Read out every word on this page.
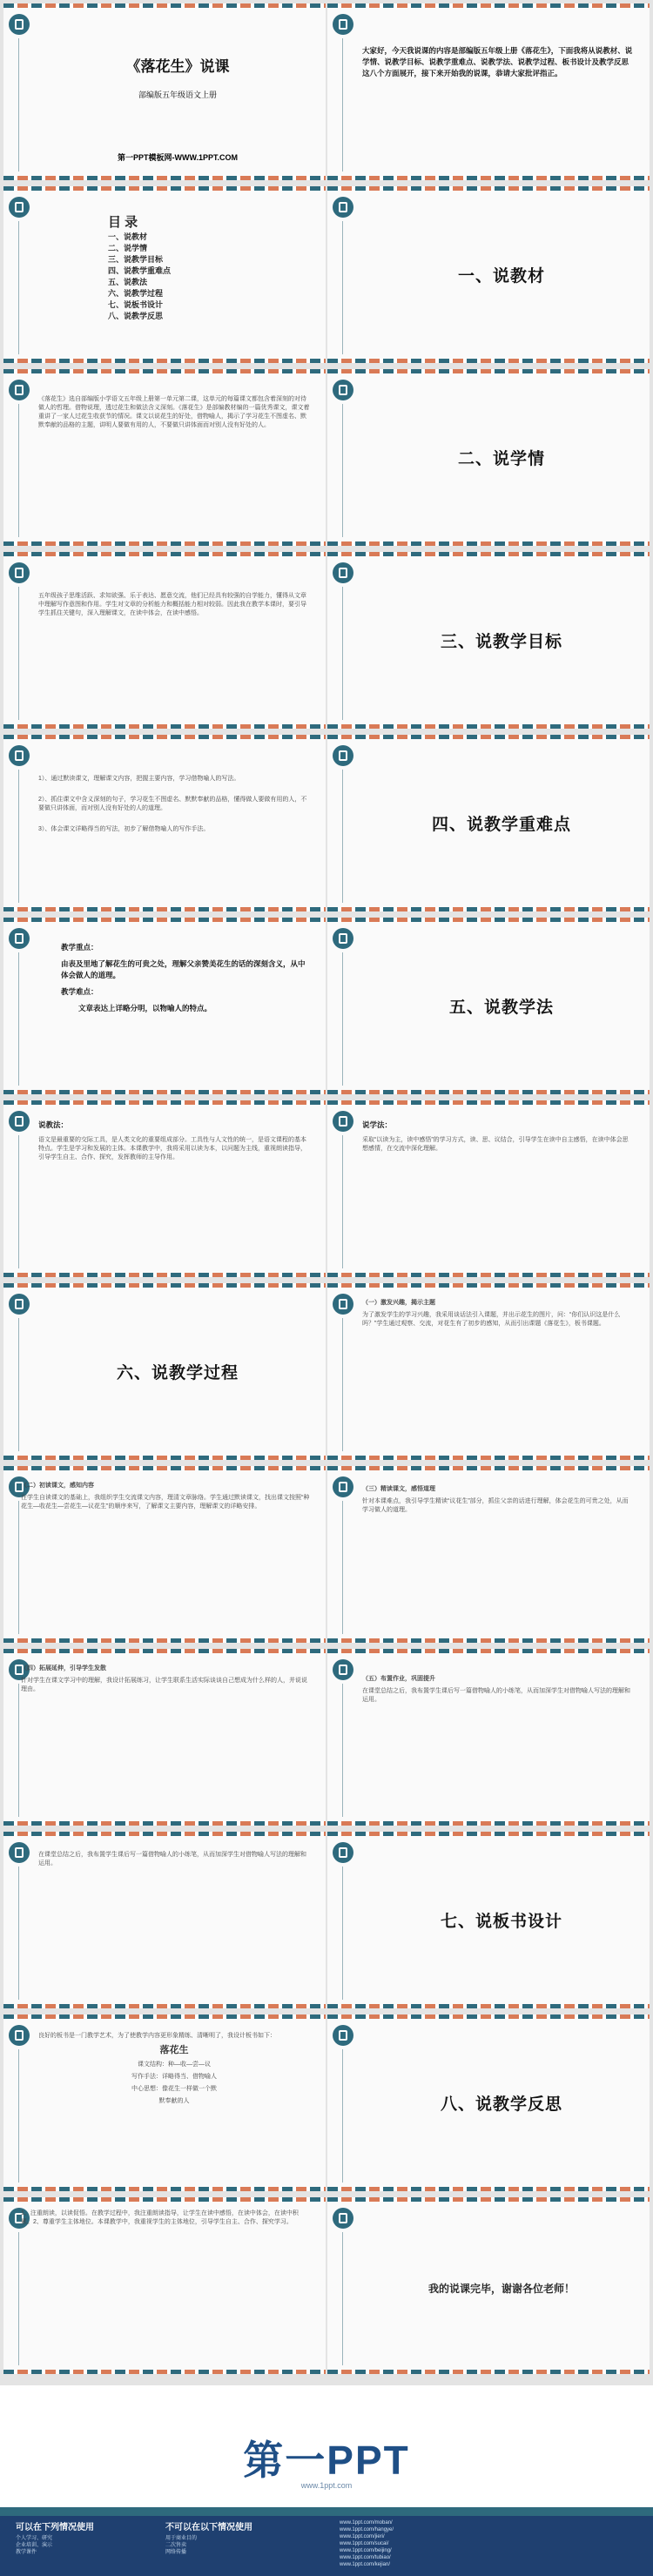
《落花生》说课
部编版五年级语文上册
第一PPT模板网-WWW.1PPT.COM
大家好，今天我说课的内容是部编版五年级上册《落花生》，下面我将从说教材、说学情、说教学目标、说教学重难点、说教学法、说教学过程、板书设计及教学反思这八个方面展开，接下来开始我的说课，恭请大家批评指正。
目 录
一、说教材
二、说学情
三、说教学目标
四、说教学重难点
五、说教法
六、说教学过程
七、说板书设计
八、说教学反思
一、说教材

《落花生》选自部编版小学语文五年级上册第一单元第二课，这单元的每篇课文都包含着深刻的对待做人的哲理。借物说理，透过花生和做法含义深刻。《落花生》是部编教材编的一篇优秀课文，课文着重讲了一家人过花生收获节的情况。课文以说花生的好处，借物喻人，揭示了学习花生不图虚名、默默奉献的品格的主题，讲明人要做有用的人，不要做只讲体面而对别人没有好处的人。

二、说学情

五年级孩子思维活跃、求知欲强、乐于表达、愿意交流，他们已经具有较强的自学能力，懂得从文章中理解写作意图和作用。学生对文章的分析能力和概括能力相对较弱。因此我在教学本课时，要引导学生抓住关键句，深入理解课文，在读中体会，在读中感悟。

三、说教学目标

1）、通过默读课文，理解课文内容，把握主要内容，学习借物喻人的写法。

2）、抓住课文中含义深刻的句子，学习花生不图虚名、默默奉献的品格，懂得做人要做有用的人，不要做只讲体面，而对别人没有好处的人的道理。

3）、体会课文详略得当的写法，初步了解借物喻人的写作手法。	四、说教学重难点

教学重点：

由表及里地了解花生的可贵之处，理解父亲赞美花生的话的深刻含义，从中体会做人的道理。

教学难点：

文章表达上详略分明，以物喻人的特点。	五、说教学法

说教法：

语文是最重要的交际工具，是人类文化的重要组成部分。工具性与人文性的统一，是语文课程的基本特点。学生是学习和发展的主体。本课教学中，我将采用以读为本，以问题为主线，重视朗读指导，引导学生自主、合作、探究，发挥教师的主导作用。

说学法：

采取“以读为主，读中感悟”的学习方式，读、思、议结合，引导学生在读中自主感悟，在读中体会思想感情，在交流中深化理解。

六、说教学过程

（一）激发兴趣，揭示主题

为了激发学生的学习兴趣，我采用谈话法引入课题，并出示花生的图片，问：“你们认识这是什么吗？”学生通过观察、交流，对花生有了初步的感知，从而引出课题《落花生》，板书课题。

（二）初读课文，感知内容

在学生自读课文的基础上，我组织学生交流课文内容，理清文章脉络。学生通过默读课文，找出课文按照“种花生—收花生—尝花生—议花生”的顺序来写，了解课文主要内容，理解课文的详略安排。

（三）精读课文，感悟道理

针对本课难点，我引导学生精读“议花生”部分，抓住父亲的话进行理解，体会花生的可贵之处，从而学习做人的道理。

（四）拓展延伸，引导学生发散

针对学生在课文学习中的理解，我设计拓展练习，让学生联系生活实际谈谈自己想成为什么样的人，并说说理由。

（五）布置作业，巩固提升

在课堂总结之后，我布置学生课后写一篇借物喻人的小练笔，从而加深学生对借物喻人写法的理解和运用。

在课堂总结之后，我布置学生课后写一篇借物喻人的小练笔，从而加深学生对借物喻人写法的理解和运用。

七、说板书设计

良好的板书是一门教学艺术，为了使教学内容更形象精练、清晰明了，我设计板书如下：

落花生
课文结构：种—收—尝—议
写作手法：详略得当、借物喻人
中心思想：像花生一样做一个默
默奉献的人	八、说教学反思

1、注重朗读，以读促悟。在教学过程中，我注重朗读指导，让学生在读中感悟，在读中体会，在读中积累。2、尊重学生主体地位。本课教学中，我重视学生的主体地位，引导学生自主、合作、探究学习。

我的说课完毕，谢谢各位老师！
第一PPT
www.1ppt.com
可以在下列情况使用
个人学习、研究
企业培训、演示
教学课件
不可以在以下情况使用
用于商业目的
二次售卖
网络传播
www.1ppt.com/moban/
www.1ppt.com/hangye/
www.1ppt.com/jieri/
www.1ppt.com/sucai/
www.1ppt.com/beijing/
www.1ppt.com/tubiao/
www.1ppt.com/kejian/
